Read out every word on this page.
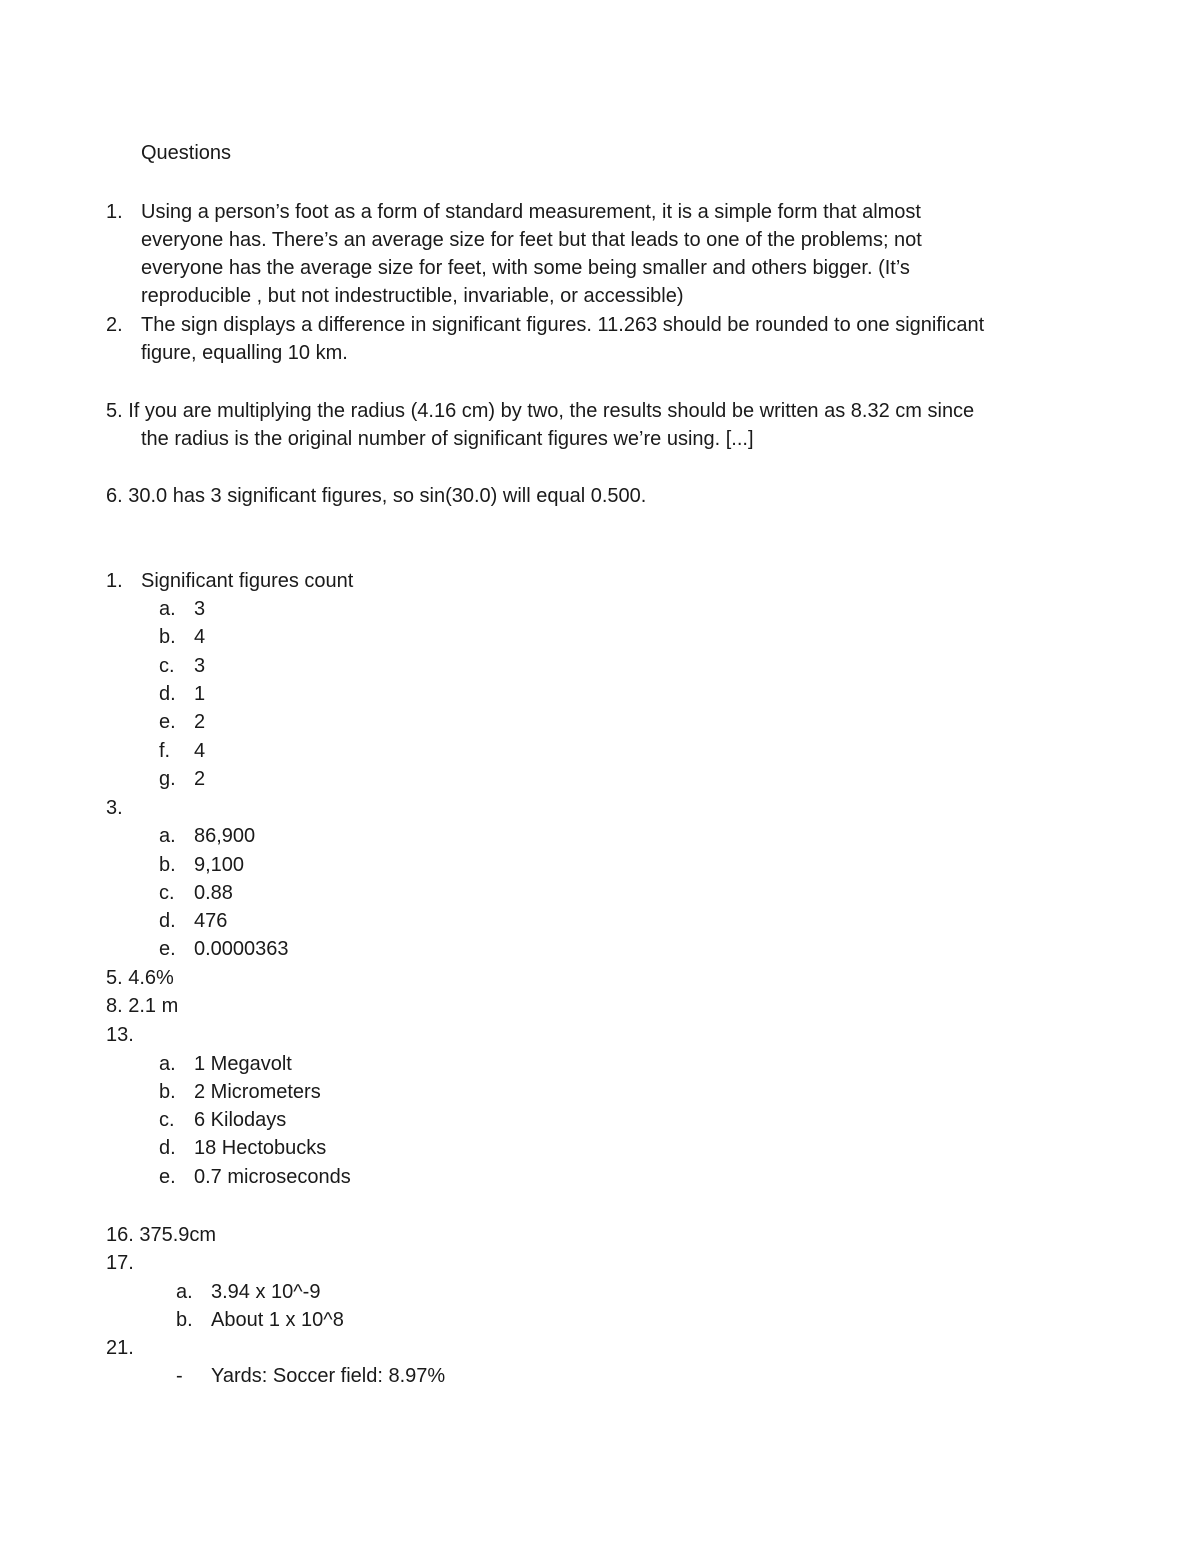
Questions
1. Using a person’s foot as a form of standard measurement, it is a simple form that almost
everyone has. There’s an average size for feet but that leads to one of the problems; not
everyone has the average size for feet, with some being smaller and others bigger. (It’s
reproducible , but not indestructible, invariable, or accessible)
2. The sign displays a difference in significant figures. 11.263 should be rounded to one significant
figure, equalling 10 km.
5. If you are multiplying the radius (4.16 cm) by two, the results should be written as 8.32 cm since
the radius is the original number of significant figures we’re using. [...]
6. 30.0 has 3 significant figures, so sin(30.0) will equal 0.500.
1. Significant figures count
a. 3
b. 4
c. 3
d. 1
e. 2
f. 4
g. 2
3.
a. 86,900
b. 9,100
c. 0.88
d. 476
e. 0.0000363
5. 4.6%
8. 2.1 m
13.
a. 1 Megavolt
b. 2 Micrometers
c. 6 Kilodays
d. 18 Hectobucks
e. 0.7 microseconds
16. 375.9cm
17.
a. 3.94 x 10^-9
b. About 1 x 10^8
21.
- Yards: Soccer field: 8.97%
